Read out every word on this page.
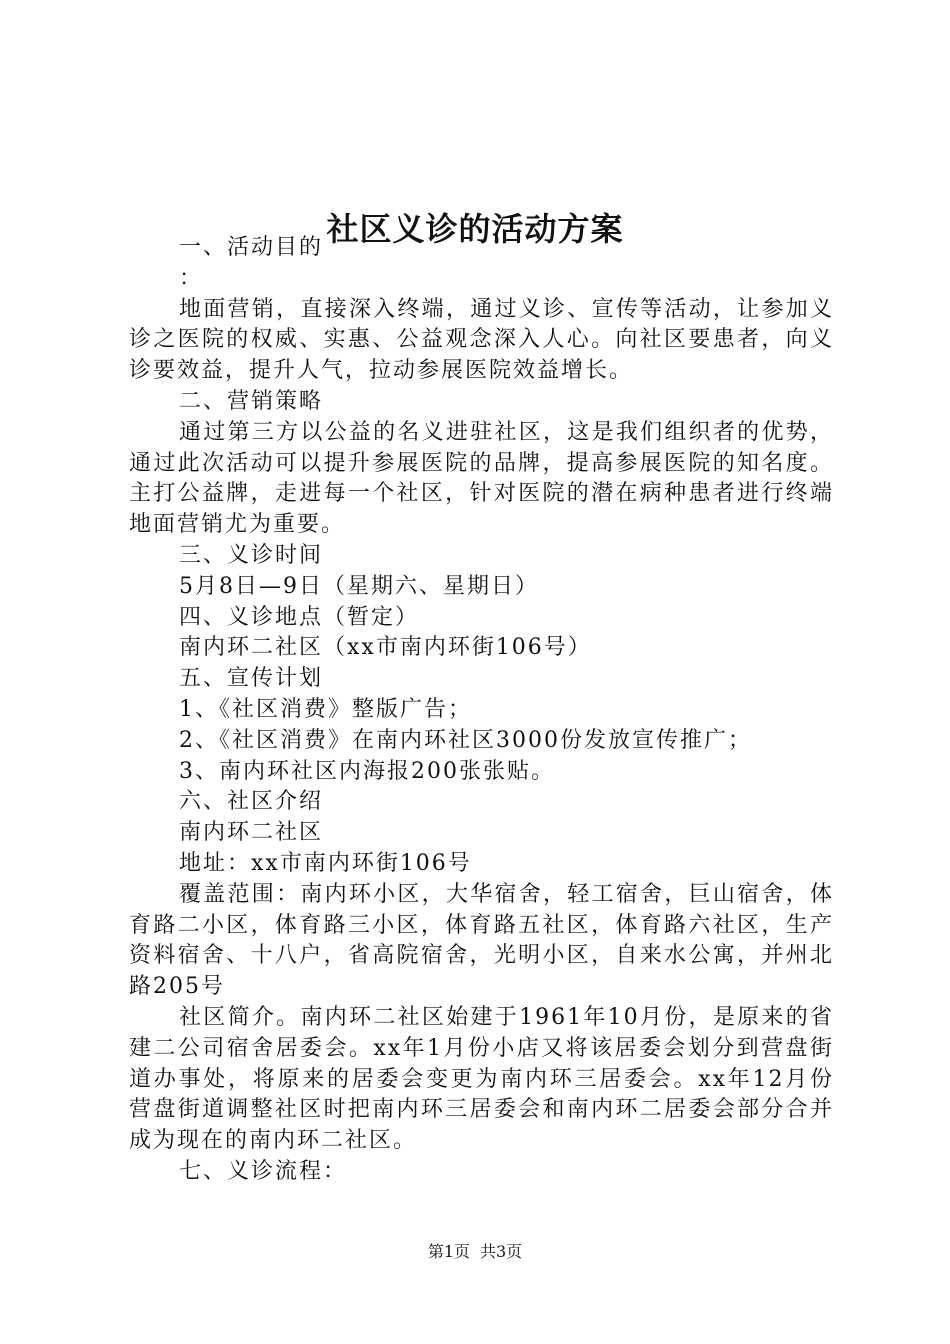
社区义诊的活动方案

一、活动目的

：

地面营销，直接深入终端，通过义诊、宣传等活动，让参加义诊之医院的权威、实惠、公益观念深入人心。向社区要患者，向义诊要效益，提升人气，拉动参展医院效益增长。

二、营销策略

通过第三方以公益的名义进驻社区，这是我们组织者的优势，通过此次活动可以提升参展医院的品牌，提高参展医院的知名度。主打公益牌，走进每一个社区，针对医院的潜在病种患者进行终端地面营销尤为重要。

三、义诊时间

5月8日—9日（星期六、星期日）

四、义诊地点（暂定）

南内环二社区（xx市南内环街106号）

五、宣传计划

1、《社区消费》整版广告；

2、《社区消费》在南内环社区3000份发放宣传推广；

3、南内环社区内海报200张张贴。

六、社区介绍

南内环二社区

地址：xx市南内环街106号

覆盖范围：南内环小区，大华宿舍，轻工宿舍，巨山宿舍，体育路二小区，体育路三小区，体育路五社区，体育路六社区，生产资料宿舍、十八户，省高院宿舍，光明小区，自来水公寓，并州北路205号

社区简介。南内环二社区始建于1961年10月份，是原来的省建二公司宿舍居委会。xx年1月份小店又将该居委会划分到营盘街道办事处，将原来的居委会变更为南内环三居委会。xx年12月份营盘街道调整社区时把南内环三居委会和南内环二居委会部分合并成为现在的南内环二社区。

七、义诊流程：

第1页 共3页
